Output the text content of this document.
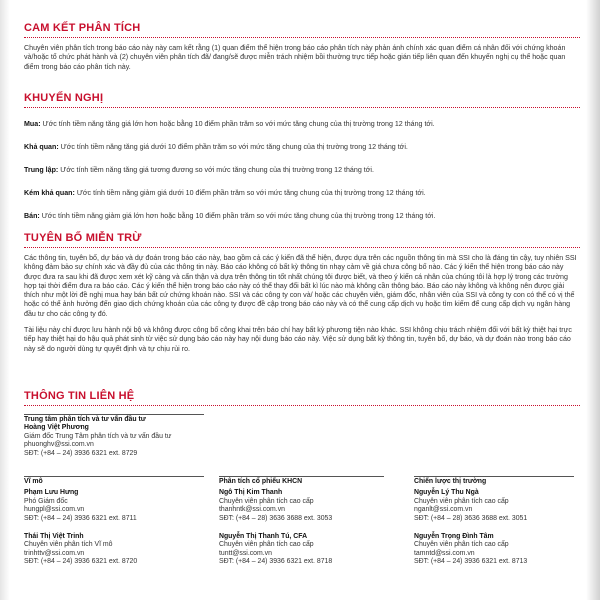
CAM KẾT PHÂN TÍCH

Chuyên viên phân tích trong báo cáo này này cam kết rằng (1) quan điểm thể hiện trong báo cáo phân tích này phản ánh chính xác quan điểm cá nhân đối với chứng khoán và/hoặc tổ chức phát hành và (2) chuyên viên phân tích đã/ đang/sẽ được miễn trách nhiệm bồi thường trực tiếp hoặc gián tiếp liên quan đến khuyến nghị cụ thể hoặc quan điểm trong báo cáo phân tích này.

KHUYẾN NGHỊ
Mua: Ước tính tiềm năng tăng giá lớn hơn hoặc bằng 10 điểm phần trăm so với mức tăng chung của thị trường trong 12 tháng tới.
Khả quan: Ước tính tiềm năng tăng giá dưới 10 điểm phần trăm so với mức tăng chung của thị trường trong 12 tháng tới.
Trung lập: Ước tính tiềm năng tăng giá tương đương so với mức tăng chung của thị trường trong 12 tháng tới.
Kém khả quan: Ước tính tiềm năng giảm giá dưới 10 điểm phần trăm so với mức tăng chung của thị trường trong 12 tháng tới.
Bán: Ước tính tiềm năng giảm giá lớn hơn hoặc bằng 10 điểm phần trăm so với mức tăng chung của thị trường trong 12 tháng tới.
TUYÊN BỐ MIỄN TRỪ

Các thông tin, tuyên bố, dự báo và dự đoán trong báo cáo này, bao gồm cả các ý kiến đã thể hiện, được dựa trên các nguồn thông tin mà SSI cho là đáng tin cậy, tuy nhiên SSI không đảm bảo sự chính xác và đầy đủ của các thông tin này. Báo cáo không có bất kỳ thông tin nhạy cảm về giá chưa công bố nào. Các ý kiến thể hiện trong báo cáo này được đưa ra sau khi đã được xem xét kỹ càng và cẩn thận và dựa trên thông tin tốt nhất chúng tôi được biết, và theo ý kiến cá nhân của chúng tôi là hợp lý trong các trường hợp tại thời điểm đưa ra báo cáo. Các ý kiến thể hiện trong báo cáo này có thể thay đổi bất kì lúc nào mà không cần thông báo. Báo cáo này không và không nên được giải thích như một lời đề nghị mua hay bán bất cứ chứng khoán nào. SSI và các công ty con và/ hoặc các chuyên viên, giám đốc, nhân viên của SSI và công ty con có thể có vị thế hoặc có thể ảnh hưởng đến giao dịch chứng khoán của các công ty được đề cập trong báo cáo này và có thể cung cấp dịch vụ hoặc tìm kiếm để cung cấp dịch vụ ngân hàng đầu tư cho các công ty đó.

Tài liệu này chỉ được lưu hành nội bộ và không được công bố công khai trên báo chí hay bất kỳ phương tiện nào khác. SSI không chịu trách nhiệm đối với bất kỳ thiệt hại trực tiếp hay thiệt hại do hậu quả phát sinh từ việc sử dụng báo cáo này hay nội dung báo cáo này. Việc sử dụng bất kỳ thông tin, tuyên bố, dự báo, và dự đoán nào trong báo cáo này sẽ do người dùng tự quyết định và tự chịu rủi ro.

THÔNG TIN LIÊN HỆ
Trung tâm phân tích và tư vấn đầu tư
Hoàng Việt Phương
Giám đốc Trung Tâm phân tích và tư vấn đầu tư
phuonghv@ssi.com.vn
SĐT: (+84 – 24) 3936 6321 ext. 8729
Vĩ mô
Phạm Lưu Hưng
Phó Giám đốc
hungpl@ssi.com.vn
SĐT: (+84 – 24) 3936 6321 ext. 8711
Thái Thị Việt Trinh
Chuyên viên phân tích Vĩ mô
trinhttv@ssi.com.vn
SĐT: (+84 – 24) 3936 6321 ext. 8720
Phân tích cổ phiếu KHCN
Ngô Thị Kim Thanh
Chuyên viên phân tích cao cấp
thanhntk@ssi.com.vn
SĐT: (+84 – 28) 3636 3688 ext. 3053
Nguyễn Thị Thanh Tú, CFA
Chuyên viên phân tích cao cấp
tuntt@ssi.com.vn
SĐT: (+84 – 24) 3936 6321 ext. 8718
Chiến lược thị trường
Nguyễn Lý Thu Ngà
Chuyên viên phân tích cao cấp
nganlt@ssi.com.vn
SĐT: (+84 – 28) 3636 3688 ext. 3051
Nguyễn Trọng Đình Tâm
Chuyên viên phân tích cao cấp
tamntd@ssi.com.vn
SĐT: (+84 – 24) 3936 6321 ext. 8713
